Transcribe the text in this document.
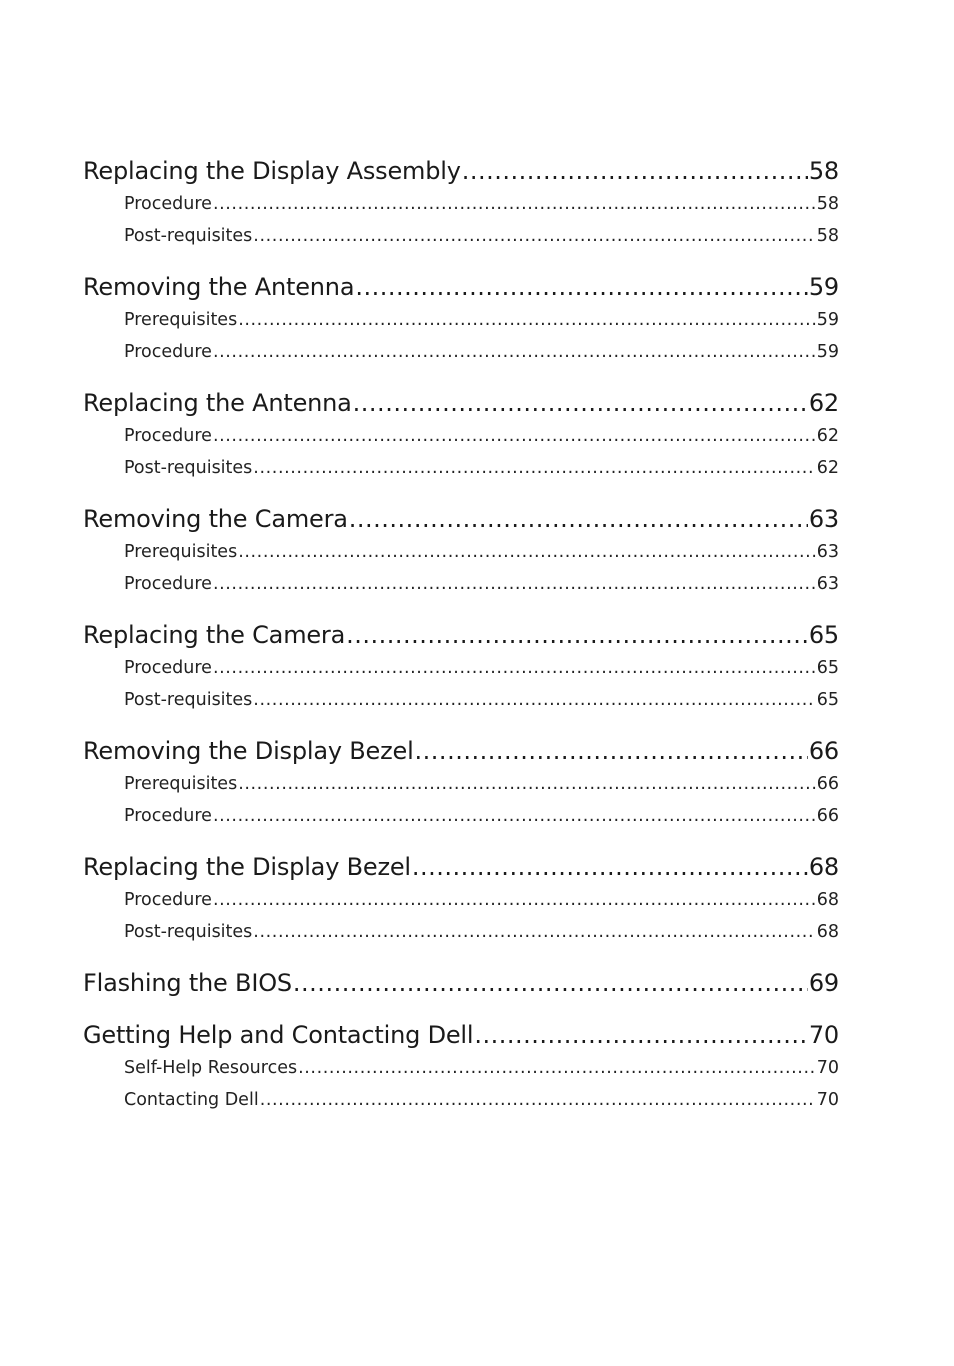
Replacing the Display Assembly .....	58
Procedure .....	58
Post-requisites .....	58
Removing the Antenna .....	59
Prerequisites .....	59
Procedure .....	59
Replacing the Antenna .....	62
Procedure .....	62
Post-requisites .....	62
Removing the Camera .....	63
Prerequisites .....	63
Procedure .....	63
Replacing the Camera .....	65
Procedure .....	65
Post-requisites .....	65
Removing the Display Bezel .....	66
Prerequisites .....	66
Procedure .....	66
Replacing the Display Bezel .....	68
Procedure .....	68
Post-requisites .....	68
Flashing the BIOS .....	69
Getting Help and Contacting Dell .....	70
Self-Help Resources .....	70
Contacting Dell .....	70
